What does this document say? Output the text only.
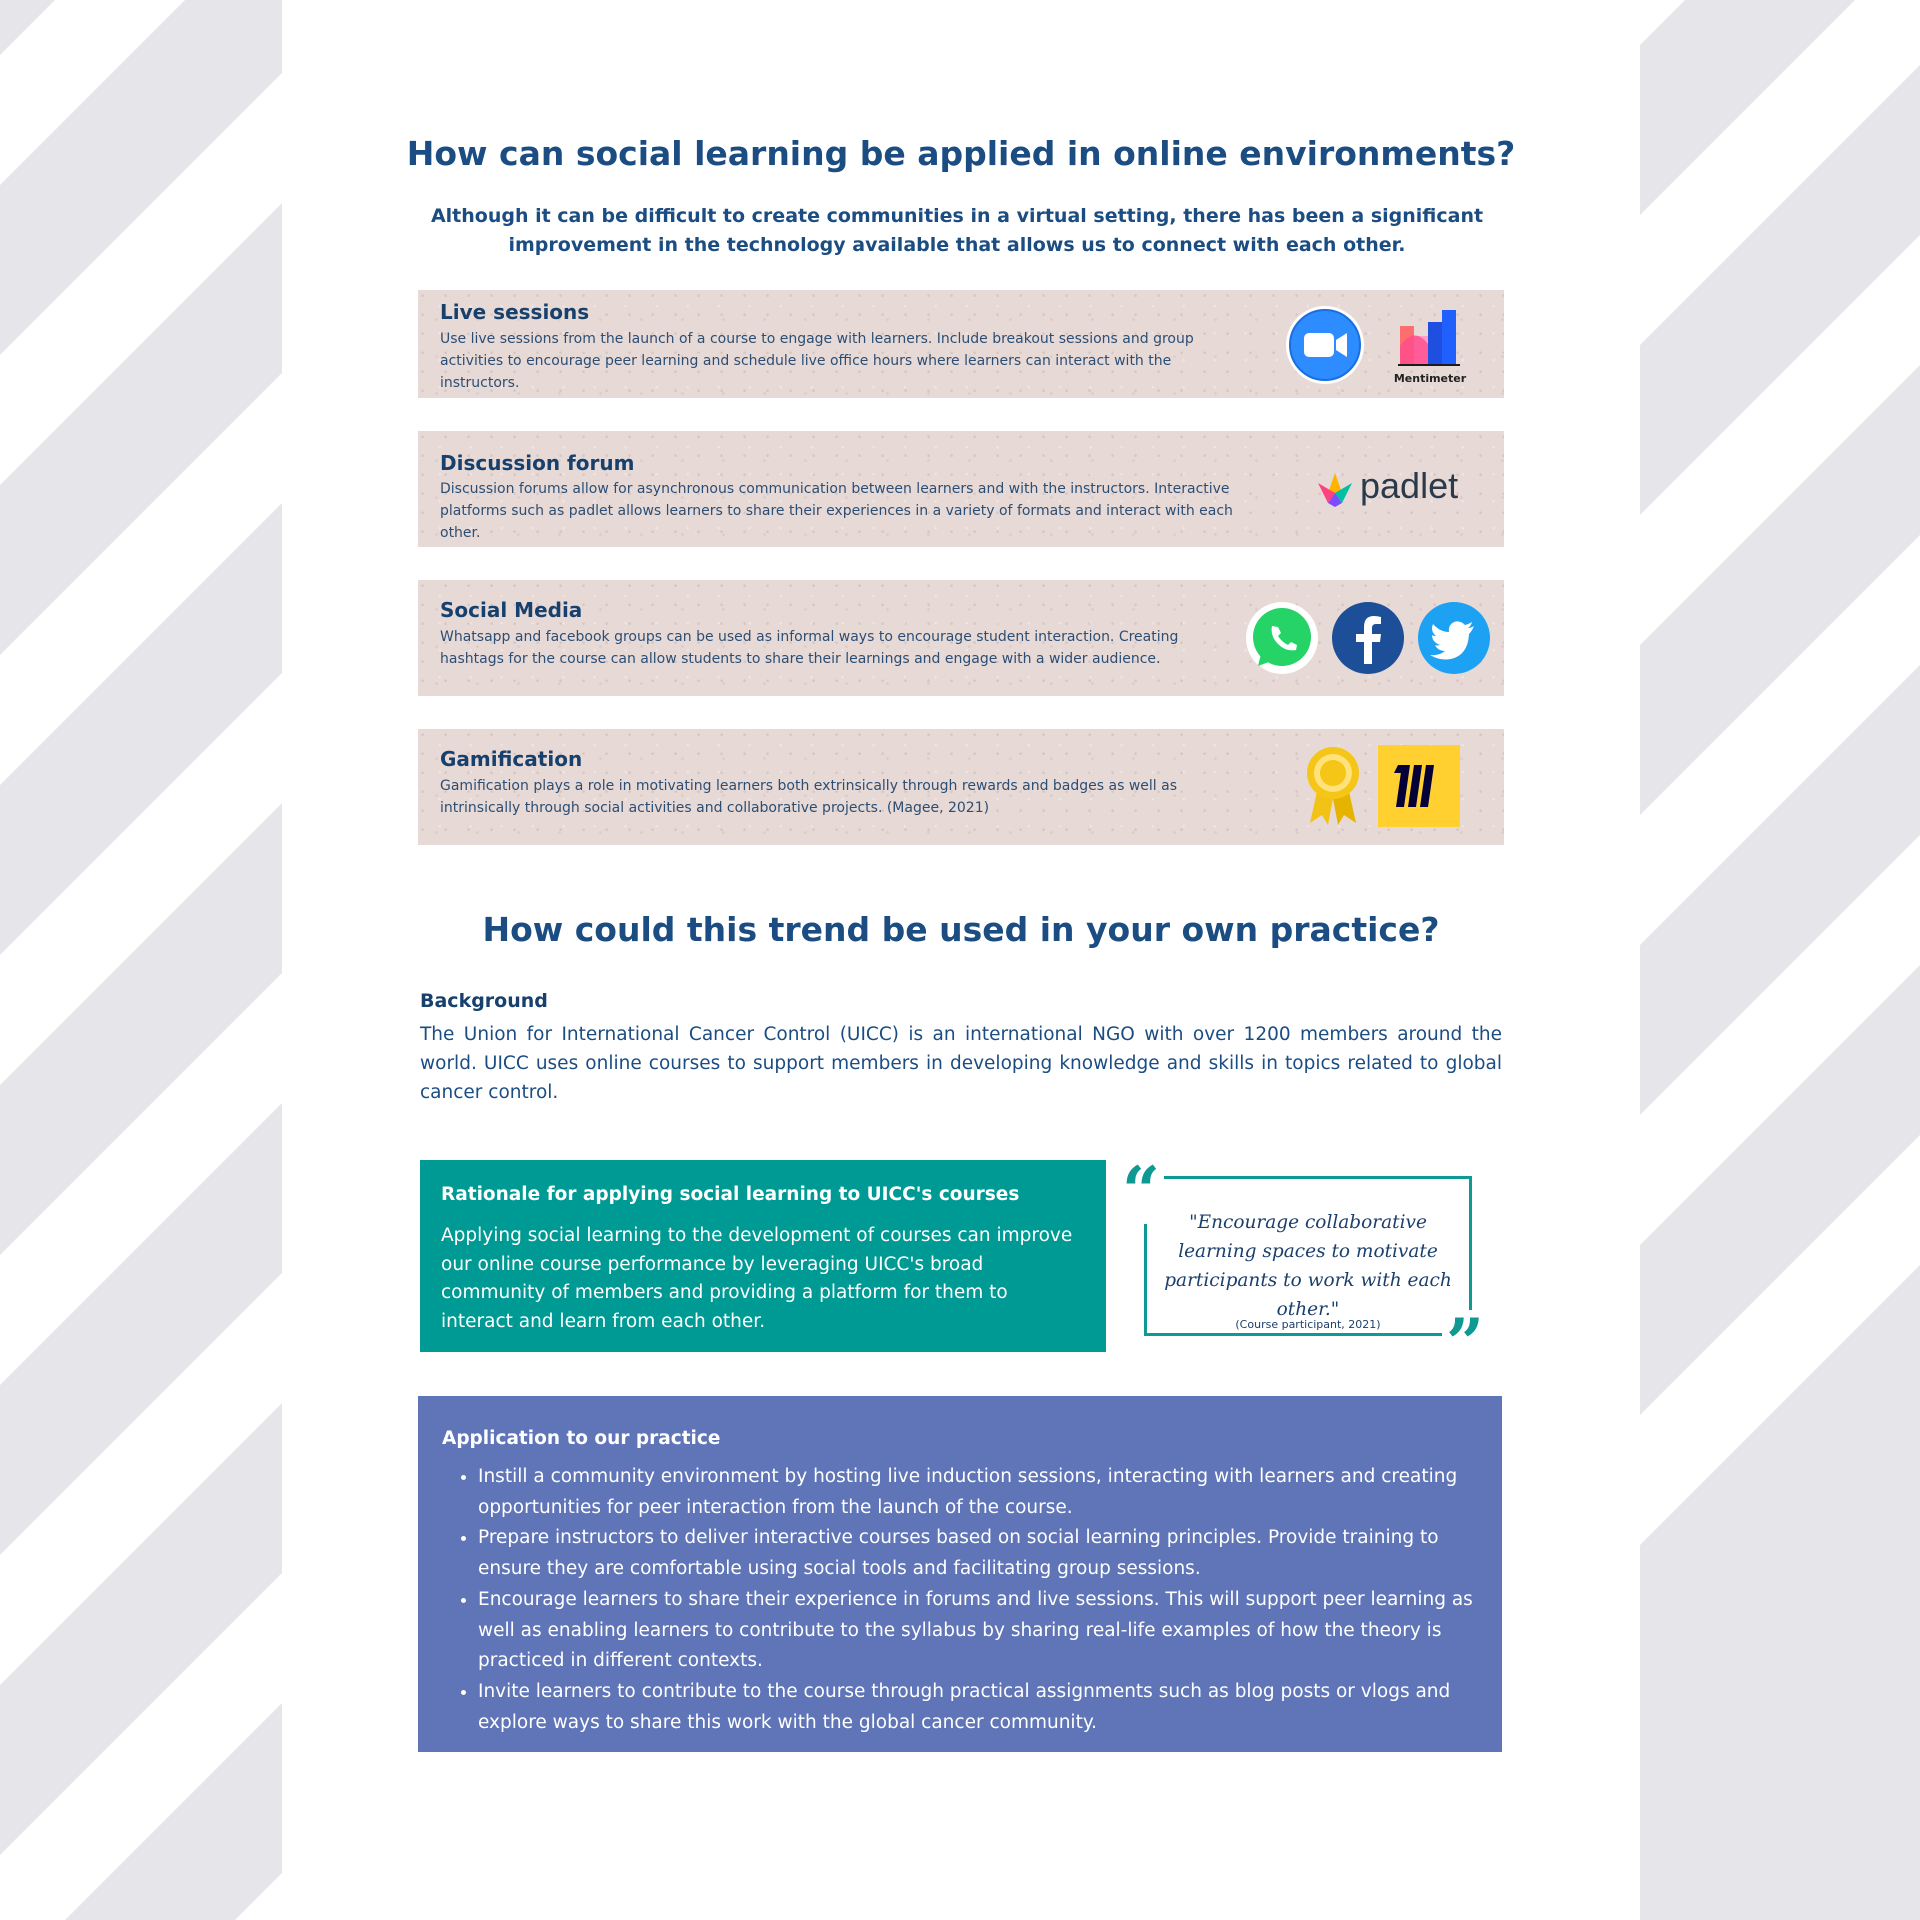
How can social learning be applied in online environments?

Although it can be difficult to create communities in a virtual setting, there has been a significant improvement in the technology available that allows us to connect with each other.

Live sessions

Use live sessions from the launch of a course to engage with learners. Include breakout sessions and group activities to encourage peer learning and schedule live office hours where learners can interact with the instructors.	Mentimeter
Discussion forum

Discussion forums allow for asynchronous communication between learners and with the instructors. Interactive platforms such as padlet allows learners to share their experiences in a variety of formats and interact with each other.

padlet
Social Media

Whatsapp and facebook groups can be used as informal ways to encourage student interaction. Creating hashtags for the course can allow students to share their learnings and engage with a wider audience.

Gamification

Gamification plays a role in motivating learners both extrinsically through rewards and badges as well as intrinsically through social activities and collaborative projects. (Magee, 2021)

How could this trend be used in your own practice?
Background

The Union for International Cancer Control (UICC) is an international NGO with over 1200 members around the world. UICC uses online courses to support members in developing knowledge and skills in topics related to global cancer control.

Rationale for applying social learning to UICC's courses

Applying social learning to the development of courses can improve our online course performance by leveraging UICC's broad community of members and providing a platform for them to interact and learn from each other.

“
”

"Encourage collaborative learning spaces to motivate participants to work with each other."

(Course participant, 2021)

Application to our practice
• Instill a community environment by hosting live induction sessions, interacting with learners and creating opportunities for peer interaction from the launch of the course.
• Prepare instructors to deliver interactive courses based on social learning principles. Provide training to ensure they are comfortable using social tools and facilitating group sessions.
• Encourage learners to share their experience in forums and live sessions. This will support peer learning as well as enabling learners to contribute to the syllabus by sharing real-life examples of how the theory is practiced in different contexts.
• Invite learners to contribute to the course through practical assignments such as blog posts or vlogs and explore ways to share this work with the global cancer community.
